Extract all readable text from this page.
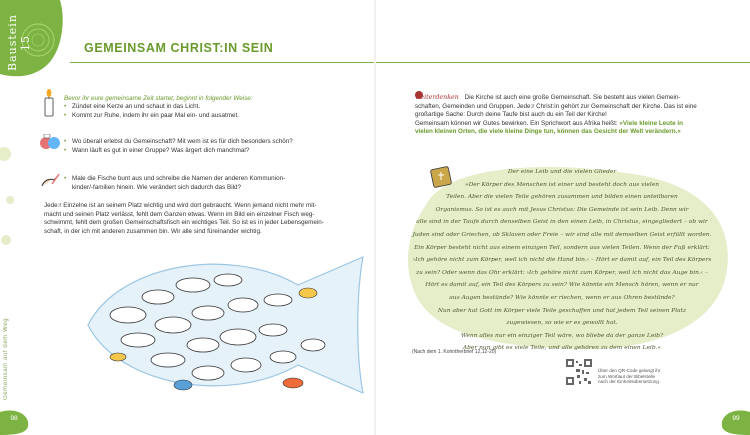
Baustein 15	GEMEINSAM CHRIST:IN SEIN
Gemeinsam auf dem Weg
98	99
Bevor ihr eure gemeinsame Zeit startet, beginnt in folgender Weise:
• Zündet eine Kerze an und schaut in das Licht.
• Kommt zur Ruhe, indem ihr ein paar Mal ein- und ausatmet.
• Wo überall erlebst du Gemeinschaft? Mit wem ist es für dich besonders schön?
• Wann läuft es gut in einer Gruppe? Was ärgert dich manchmal?
• Male die Fische bunt aus und schreibe die Namen der anderen Kommunion-
kinder/-familien hinein. Wie verändert sich dadurch das Bild?
Jede:r Einzelne ist an seinem Platz wichtig und wird dort gebraucht. Wenn jemand nicht mehr mit-
macht und seinen Platz verlässt, fehlt dem Ganzen etwas. Wenn im Bild ein einzelner Fisch weg-
schwimmt, fehlt dem großen Gemeinschaftsfisch ein wichtiges Teil. So ist es in jeder Lebensgemein-
schaft, in der ich mit anderen zusammen bin. Wir alle sind füreinander wichtig.
weiterdenken Die Kirche ist auch eine große Gemeinschaft. Sie besteht aus vielen Gemein-
schaften, Gemeinden und Gruppen. Jede:r Christ:in gehört zur Gemeinschaft der Kirche. Das ist eine
großartige Sache: Durch deine Taufe bist auch du ein Teil der Kirche!
Gemeinsam können wir Gutes bewirken. Ein Sprichwort aus Afrika heißt: »Viele kleine Leute in
vielen kleinen Orten, die viele kleine Dinge tun, können das Gesicht der Welt verändern.«
Der eine Leib und die vielen Glieder
»Der Körper des Menschen ist einer und besteht doch aus vielen
Teilen. Aber die vielen Teile gehören zusammen und bilden einen unteilbaren
Organismus. So ist es auch mit Jesus Christus: Die Gemeinde ist sein Leib. Denn wir
alle sind in der Taufe durch denselben Geist in den einen Leib, in Christus, eingegliedert – ob wir
Juden sind oder Griechen, ob Sklaven oder Freie – wir sind alle mit demselben Geist erfüllt worden.
Ein Körper besteht nicht aus einem einzigen Teil, sondern aus vielen Teilen. Wenn der Fuß erklärt:
›Ich gehöre nicht zum Körper, weil ich nicht die Hand bin.‹ – Hört er damit auf, ein Teil des Körpers
zu sein? Oder wenn das Ohr erklärt: ›Ich gehöre nicht zum Körper, weil ich nicht das Auge bin.‹ –
Hört es damit auf, ein Teil des Körpers zu sein? Wie könnte ein Mensch hören, wenn er nur
aus Augen bestünde? Wie könnte er riechen, wenn er aus Ohren bestünde?
Nun aber hat Gott im Körper viele Teile geschaffen und hat jedem Teil seinen Platz
zugewiesen, so wie er es gewollt hat.
Wenn alles nur ein einziger Teil wäre, wo bliebe da der ganze Leib?
Aber nun gibt es viele Teile, und alle gehören zu dem einen Leib.«
(Nach dem 1. Korintherbrief 12,12-20)
Über den QR-Code gelangt ihr
zum Wortlaut der Bibelstelle
nach der Einheitsübersetzung.
